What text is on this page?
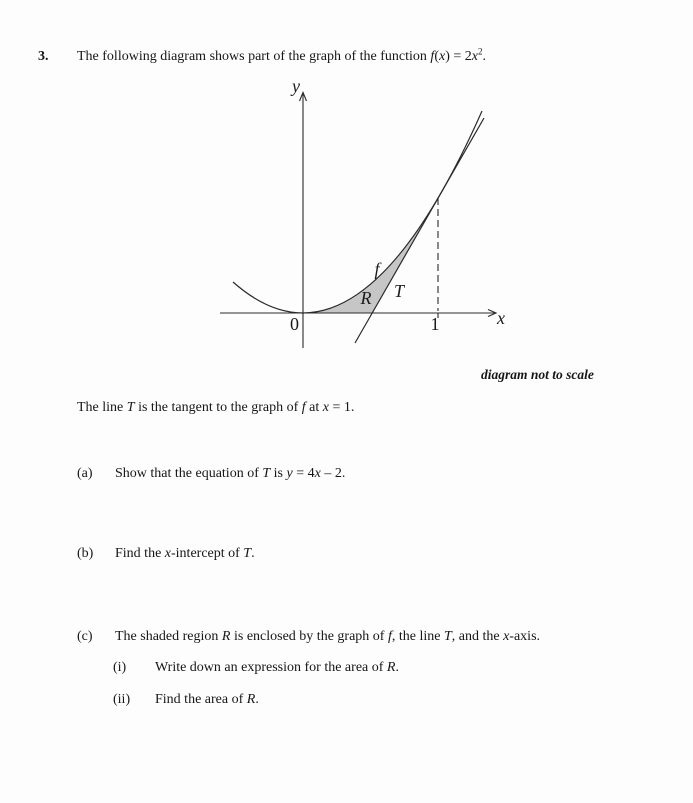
3. The following diagram shows part of the graph of the function $f(x) = 2x^2$.
y
x
0	1
f
T
R
diagram not to scale
The line T is the tangent to the graph of f at x = 1.
(a) Show that the equation of T is y = 4x – 2.
(b) Find the x-intercept of T.
(c) The shaded region R is enclosed by the graph of f, the line T, and the x-axis.
(i) Write down an expression for the area of R.
(ii) Find the area of R.
